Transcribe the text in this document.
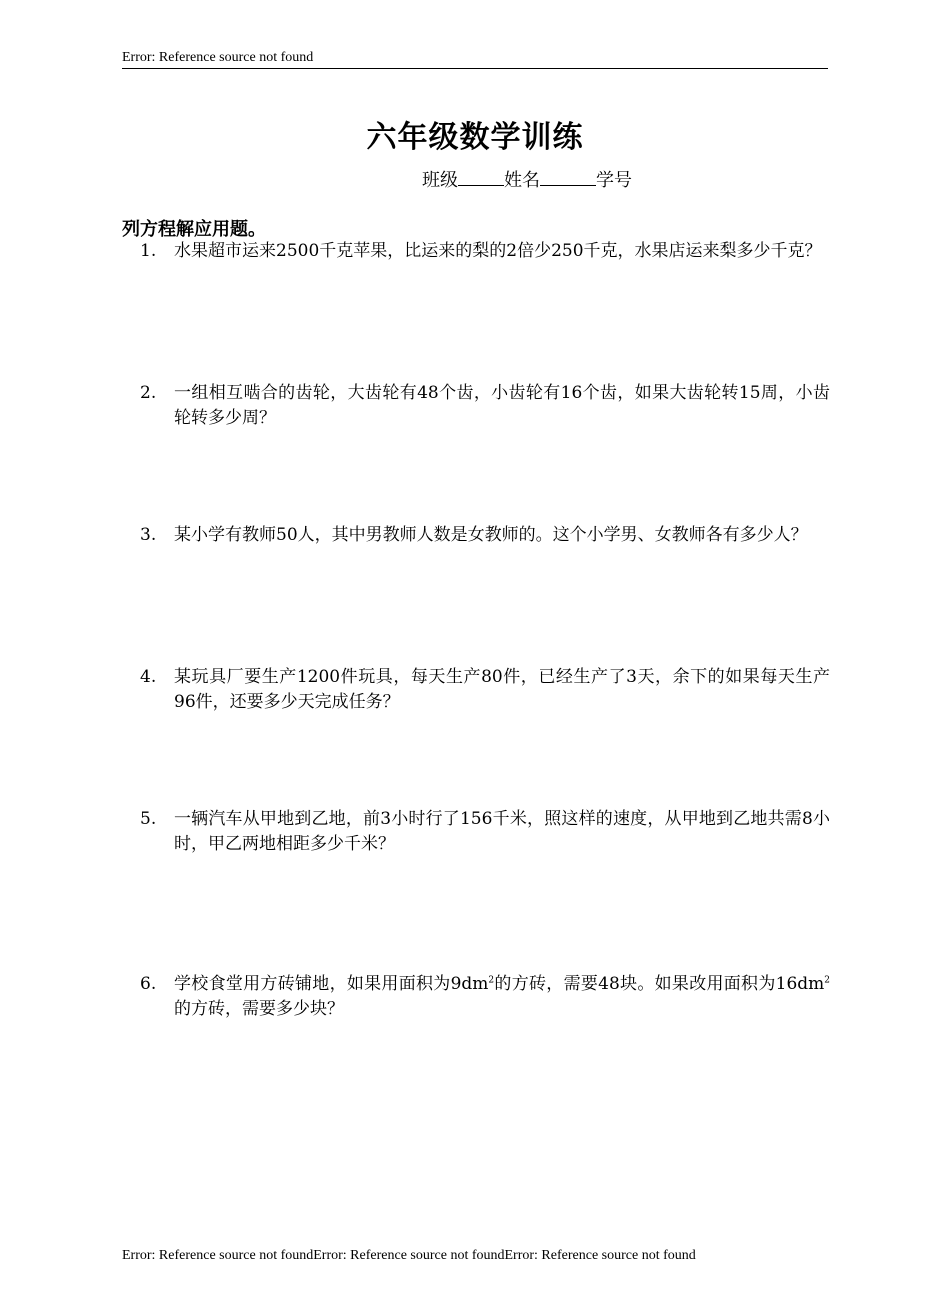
Error: Reference source not found
六年级数学训练
班级	姓名	学号
列方程解应用题。
1.	水果超市运来2500千克苹果，比运来的梨的2倍少250千克，水果店运来梨多少千克？
2.	一组相互啮合的齿轮，大齿轮有48个齿，小齿轮有16个齿，如果大齿轮转15周，小齿轮转多少周？
3.	某小学有教师50人，其中男教师人数是女教师的。这个小学男、女教师各有多少人？
4.	某玩具厂要生产1200件玩具，每天生产80件，已经生产了3天，余下的如果每天生产96件，还要多少天完成任务？
5.	一辆汽车从甲地到乙地，前3小时行了156千米，照这样的速度，从甲地到乙地共需8小时，甲乙两地相距多少千米？
6.	学校食堂用方砖铺地，如果用面积为$9dm^2$的方砖，需要48块。如果改用面积为$16dm^2$的方砖，需要多少块？
Error: Reference source not foundError: Reference source not foundError: Reference source not found
